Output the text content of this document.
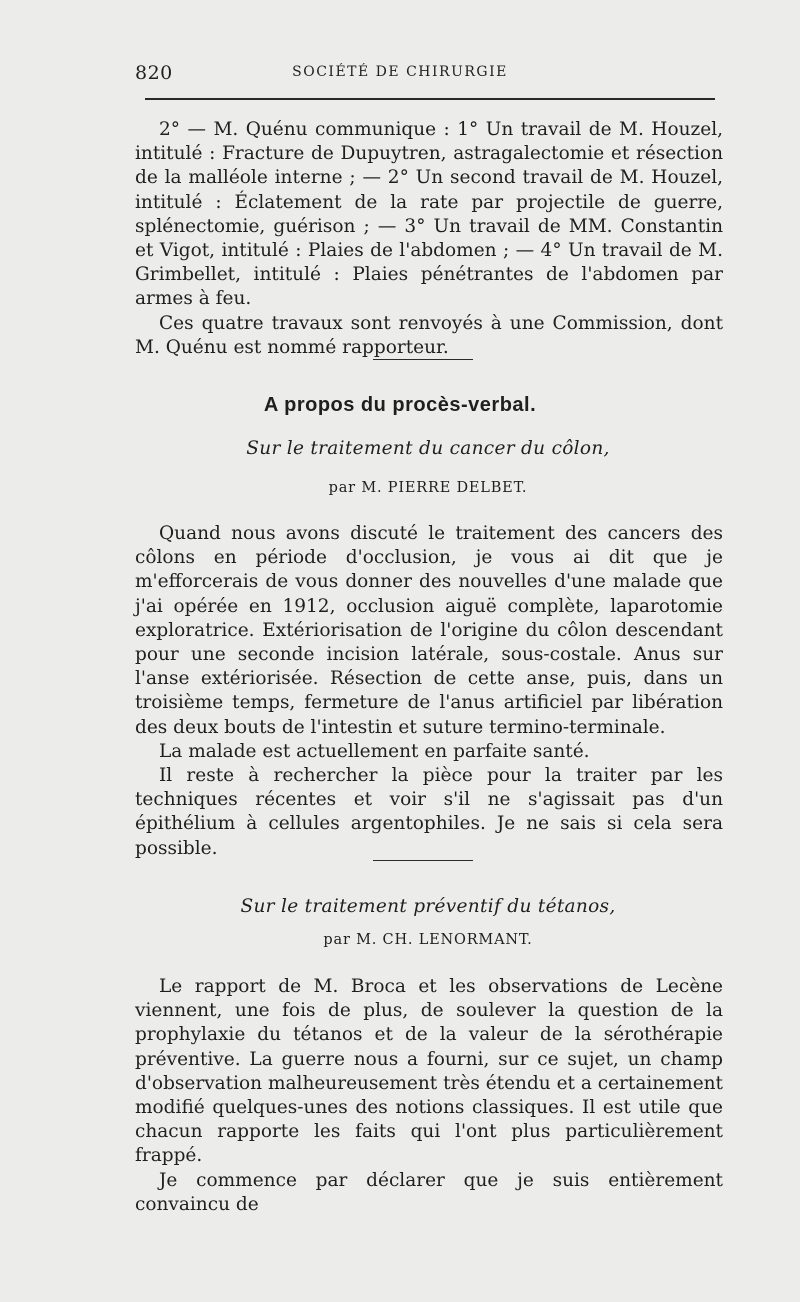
820	SOCIÉTÉ DE CHIRURGIE

2° — M. Quénu communique : 1° Un travail de M. Houzel, intitulé : Fracture de Dupuytren, astragalectomie et résection de la malléole interne ; — 2° Un second travail de M. Houzel, intitulé : Éclatement de la rate par projectile de guerre, splénectomie, guérison ; — 3° Un travail de MM. Constantin et Vigot, intitulé : Plaies de l'abdomen ; — 4° Un travail de M. Grimbellet, intitulé : Plaies pénétrantes de l'abdomen par armes à feu.

Ces quatre travaux sont renvoyés à une Commission, dont M. Quénu est nommé rapporteur.

A propos du procès-verbal.
Sur le traitement du cancer du côlon,
par M. PIERRE DELBET.

Quand nous avons discuté le traitement des cancers des côlons en période d'occlusion, je vous ai dit que je m'efforcerais de vous donner des nouvelles d'une malade que j'ai opérée en 1912, occlusion aiguë complète, laparotomie exploratrice. Extériorisation de l'origine du côlon descendant pour une seconde incision latérale, sous-costale. Anus sur l'anse extériorisée. Résection de cette anse, puis, dans un troisième temps, fermeture de l'anus artificiel par libération des deux bouts de l'intestin et suture termino-terminale.

La malade est actuellement en parfaite santé.

Il reste à rechercher la pièce pour la traiter par les techniques récentes et voir s'il ne s'agissait pas d'un épithélium à cellules argentophiles. Je ne sais si cela sera possible.

Sur le traitement préventif du tétanos,
par M. CH. LENORMANT.

Le rapport de M. Broca et les observations de Lecène viennent, une fois de plus, de soulever la question de la prophylaxie du tétanos et de la valeur de la sérothérapie préventive. La guerre nous a fourni, sur ce sujet, un champ d'observation malheureusement très étendu et a certainement modifié quelques-unes des notions classiques. Il est utile que chacun rapporte les faits qui l'ont plus particulièrement frappé.

Je commence par déclarer que je suis entièrement convaincu de
